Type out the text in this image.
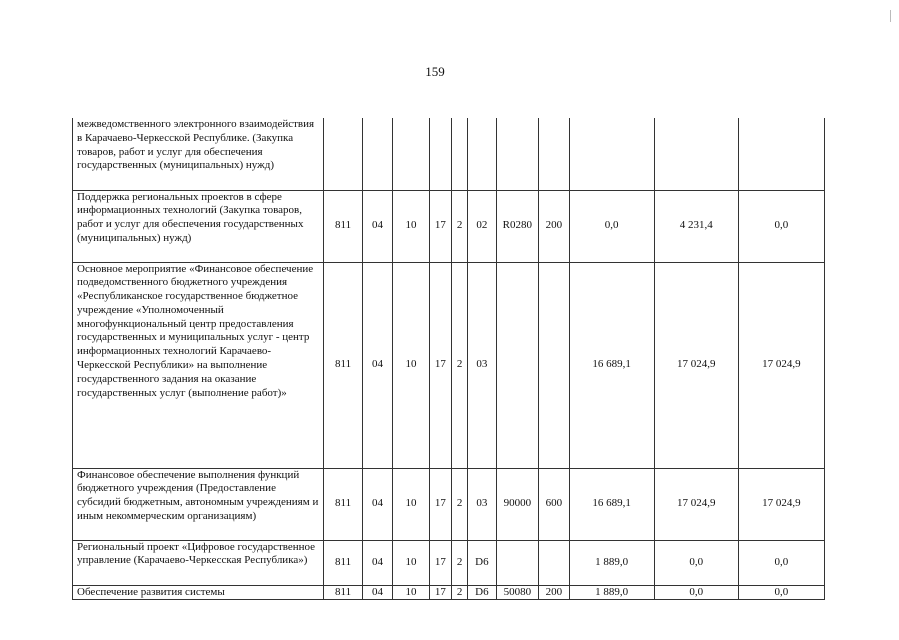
159
межведомственного электронного взаимодействия в Карачаево-Черкесской Республике. (Закупка товаров, работ и услуг для обеспечения государственных (муниципальных) нужд)											
Поддержка региональных проектов в сфере информационных технологий (Закупка товаров, работ и услуг для обеспечения государственных (муниципальных) нужд)	811	04	10	17	2	02	R0280	200	0,0	4 231,4	0,0
Основное мероприятие «Финансовое обеспечение подведомственного бюджетного учреждения «Республиканское государственное бюджетное учреждение «Уполномоченный многофункциональный центр предоставления государственных и муниципальных услуг - центр информационных технологий Карачаево-Черкесской Республики» на выполнение государственного задания на оказание государственных услуг (выполнение работ)»	811	04	10	17	2	03			16 689,1	17 024,9	17 024,9
Финансовое обеспечение выполнения функций бюджетного учреждения (Предоставление субсидий бюджетным, автономным учреждениям и иным некоммерческим организациям)	811	04	10	17	2	03	90000	600	16 689,1	17 024,9	17 024,9
Региональный проект «Цифровое государственное управление (Карачаево-Черкесская Республика»)	811	04	10	17	2	D6			1 889,0	0,0	0,0
Обеспечение развития системы	811	04	10	17	2	D6	50080	200	1 889,0	0,0	0,0
